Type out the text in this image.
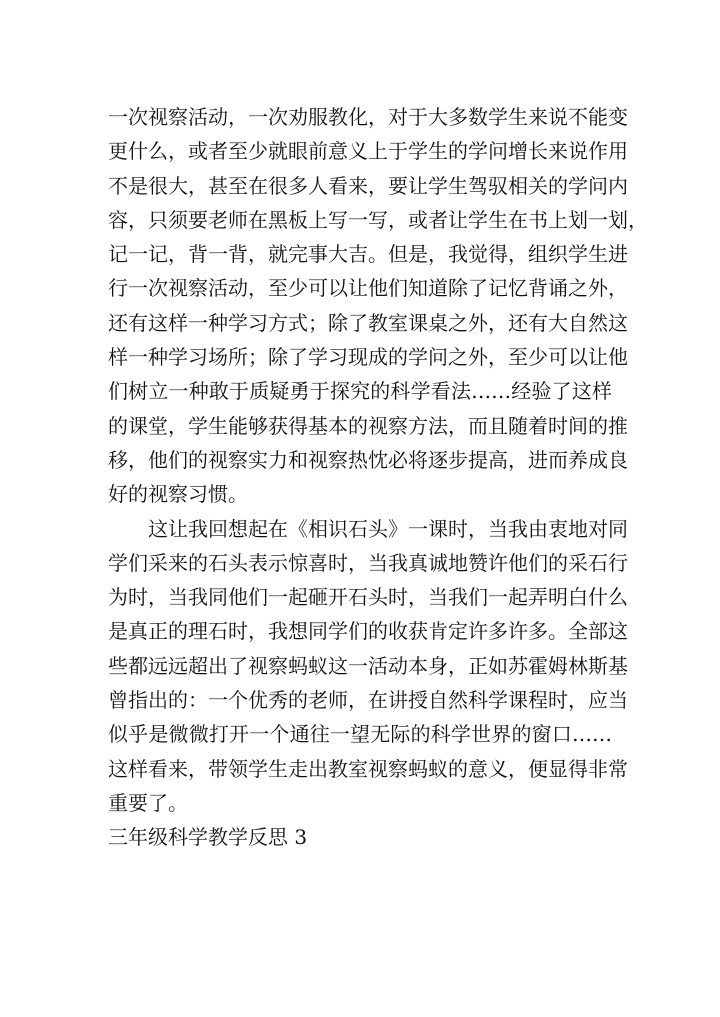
一次视察活动，一次劝服教化，对于大多数学生来说不能变
更什么，或者至少就眼前意义上于学生的学问增长来说作用
不是很大，甚至在很多人看来，要让学生驾驭相关的学问内
容，只须要老师在黑板上写一写，或者让学生在书上划一划，
记一记，背一背，就完事大吉。但是，我觉得，组织学生进
行一次视察活动，至少可以让他们知道除了记忆背诵之外，
还有这样一种学习方式；除了教室课桌之外，还有大自然这
样一种学习场所；除了学习现成的学问之外，至少可以让他
们树立一种敢于质疑勇于探究的科学看法……经验了这样
的课堂，学生能够获得基本的视察方法，而且随着时间的推
移，他们的视察实力和视察热忱必将逐步提高，进而养成良
好的视察习惯。
这让我回想起在《相识石头》一课时，当我由衷地对同
学们采来的石头表示惊喜时，当我真诚地赞许他们的采石行
为时，当我同他们一起砸开石头时，当我们一起弄明白什么
是真正的理石时，我想同学们的收获肯定许多许多。全部这
些都远远超出了视察蚂蚁这一活动本身，正如苏霍姆林斯基
曾指出的：一个优秀的老师，在讲授自然科学课程时，应当
似乎是微微打开一个通往一望无际的科学世界的窗口……
这样看来，带领学生走出教室视察蚂蚁的意义，便显得非常
重要了。
三年级科学教学反思 3
